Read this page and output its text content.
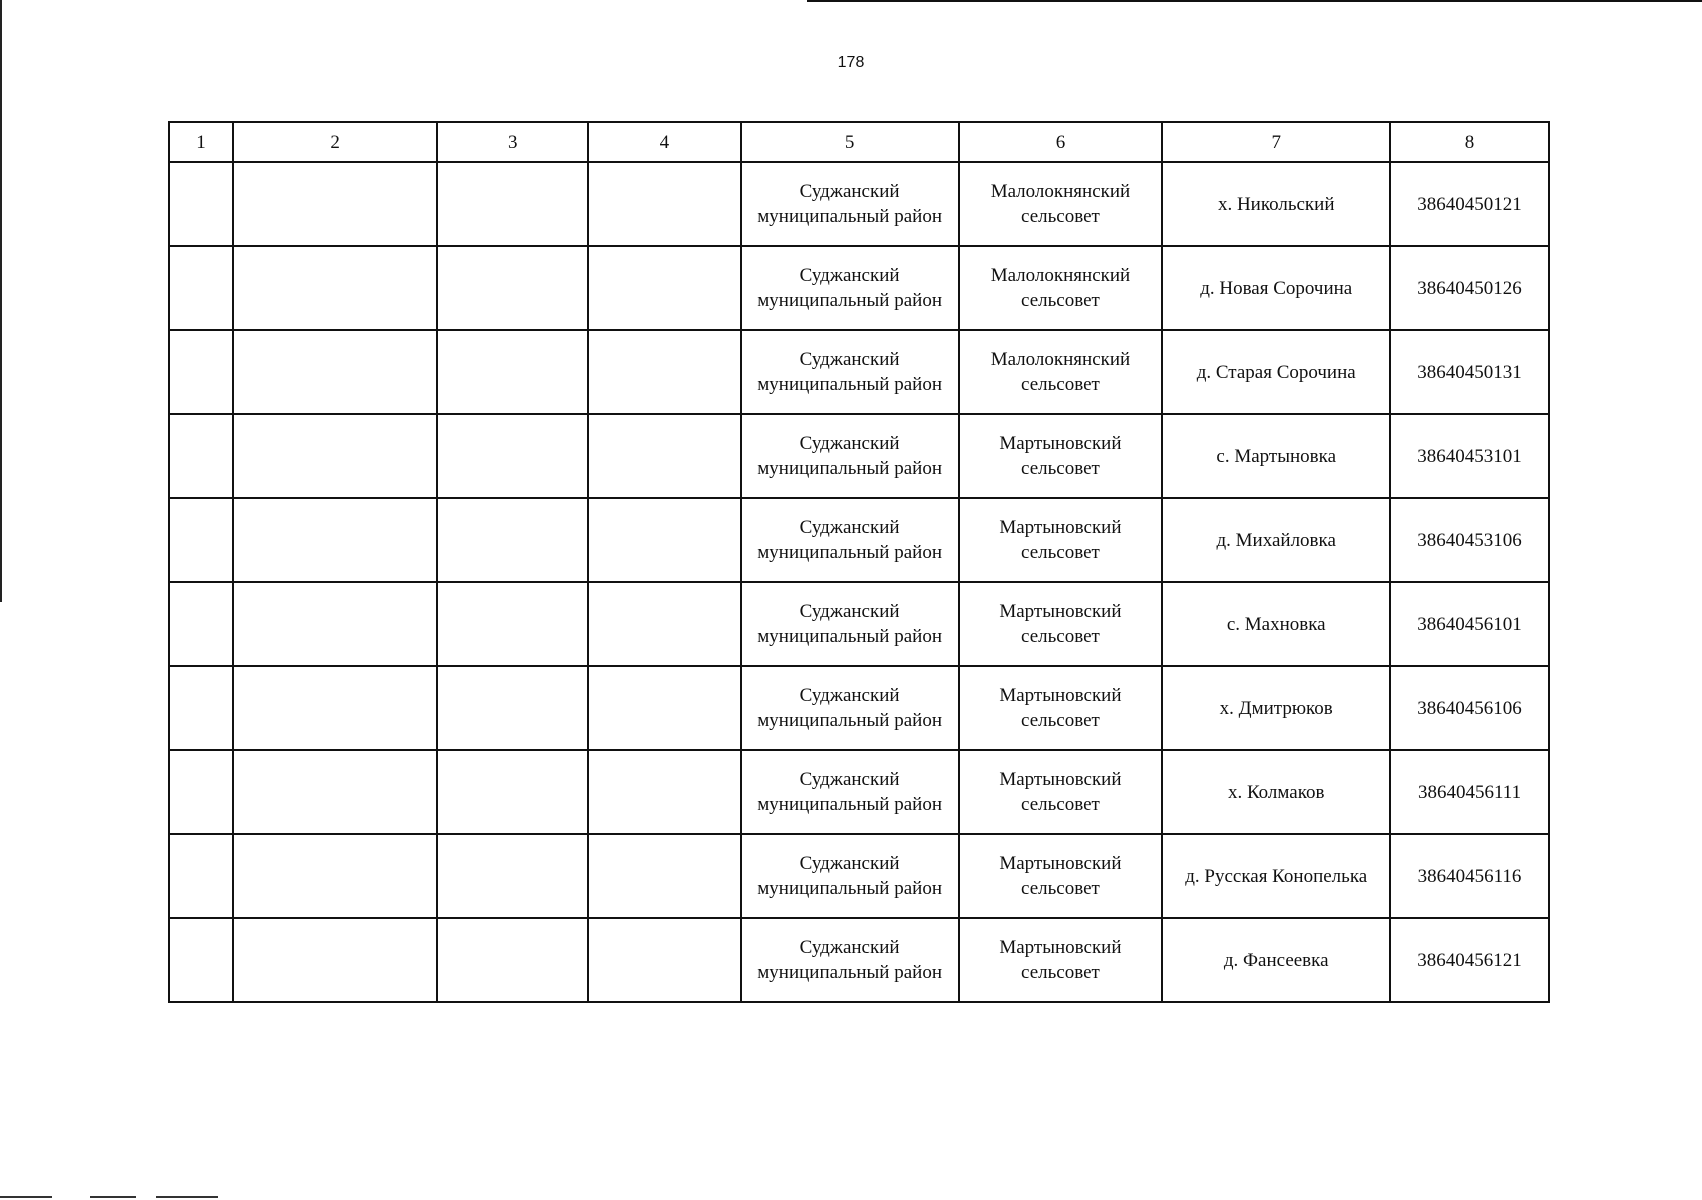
178
1	2	3	4	5	6	7	8
				Суджанский муниципальный район	Малолокнянский сельсовет	х. Никольский	38640450121
				Суджанский муниципальный район	Малолокнянский сельсовет	д. Новая Сорочина	38640450126
				Суджанский муниципальный район	Малолокнянский сельсовет	д. Старая Сорочина	38640450131
				Суджанский муниципальный район	Мартыновский сельсовет	с. Мартыновка	38640453101
				Суджанский муниципальный район	Мартыновский сельсовет	д. Михайловка	38640453106
				Суджанский муниципальный район	Мартыновский сельсовет	с. Махновка	38640456101
				Суджанский муниципальный район	Мартыновский сельсовет	х. Дмитрюков	38640456106
				Суджанский муниципальный район	Мартыновский сельсовет	х. Колмаков	38640456111
				Суджанский муниципальный район	Мартыновский сельсовет	д. Русская Конопелька	38640456116
				Суджанский муниципальный район	Мартыновский сельсовет	д. Фансеевка	38640456121
